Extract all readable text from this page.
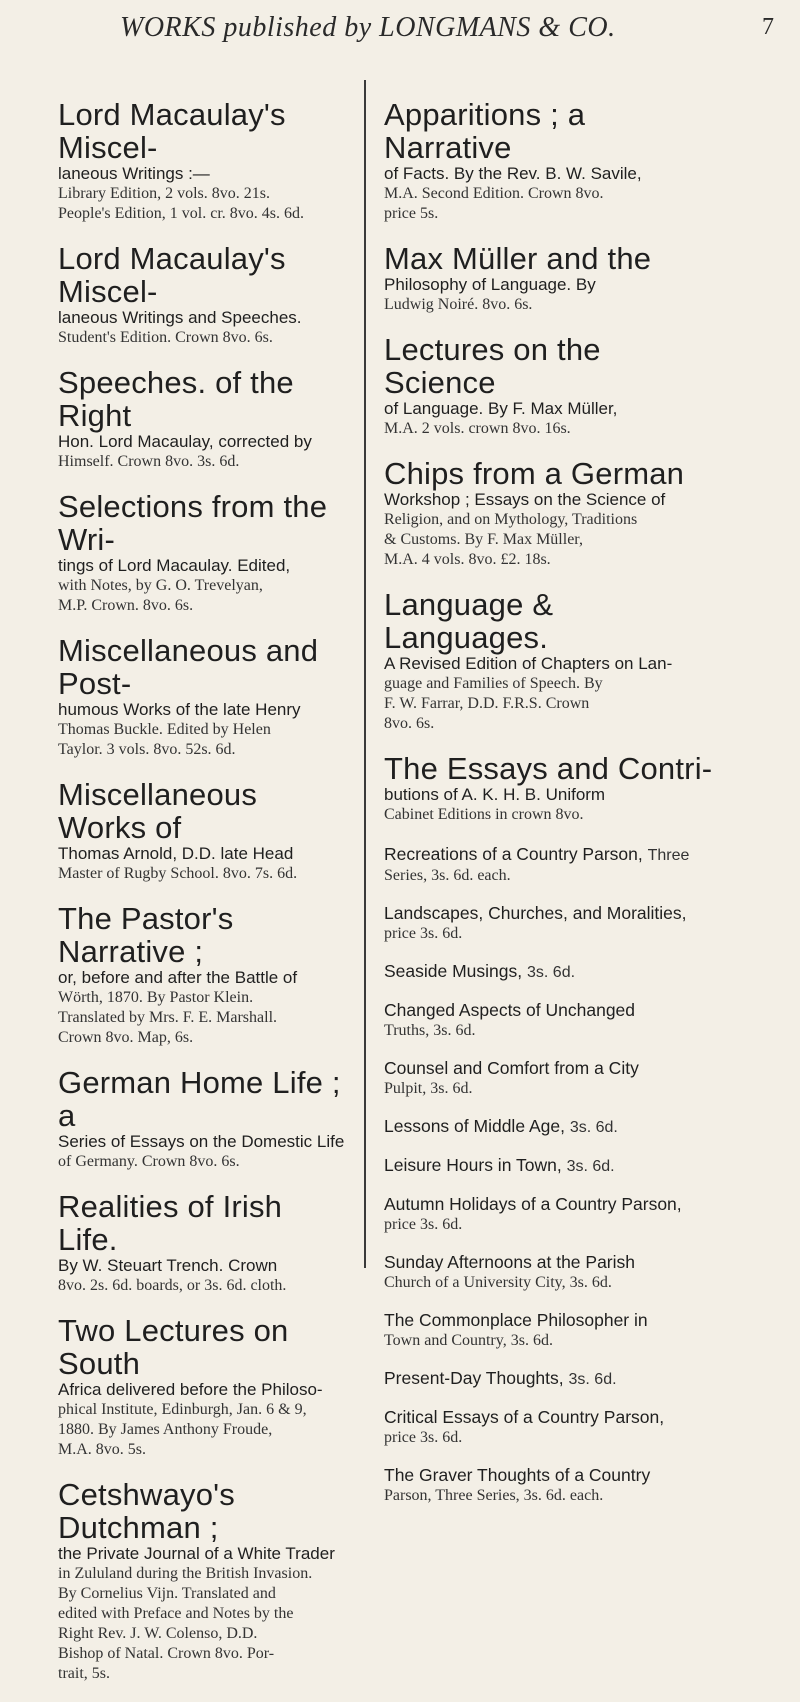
WORKS published by LONGMANS & CO.	7
Lord Macaulay's Miscel-
laneous Writings :—
Library Edition, 2 vols. 8vo. 21s.
People's Edition, 1 vol. cr. 8vo. 4s. 6d.
Lord Macaulay's Miscel-
laneous Writings and Speeches.
Student's Edition. Crown 8vo. 6s.
Speeches. of the Right
Hon. Lord Macaulay, corrected by
Himself. Crown 8vo. 3s. 6d.
Selections from the Wri-
tings of Lord Macaulay. Edited,
with Notes, by G. O. Trevelyan,
M.P. Crown. 8vo. 6s.
Miscellaneous and Post-
humous Works of the late Henry
Thomas Buckle. Edited by Helen
Taylor. 3 vols. 8vo. 52s. 6d.
Miscellaneous Works of
Thomas Arnold, D.D. late Head
Master of Rugby School. 8vo. 7s. 6d.
The Pastor's Narrative ;
or, before and after the Battle of
Wörth, 1870. By Pastor Klein.
Translated by Mrs. F. E. Marshall.
Crown 8vo. Map, 6s.
German Home Life ; a
Series of Essays on the Domestic Life
of Germany. Crown 8vo. 6s.
Realities of Irish Life.
By W. Steuart Trench. Crown
8vo. 2s. 6d. boards, or 3s. 6d. cloth.
Two Lectures on South
Africa delivered before the Philoso-
phical Institute, Edinburgh, Jan. 6 & 9,
1880. By James Anthony Froude,
M.A. 8vo. 5s.
Cetshwayo's Dutchman ;
the Private Journal of a White Trader
in Zululand during the British Invasion.
By Cornelius Vijn. Translated and
edited with Preface and Notes by the
Right Rev. J. W. Colenso, D.D.
Bishop of Natal. Crown 8vo. Por-
trait, 5s.
Apparitions ; a Narrative
of Facts. By the Rev. B. W. Savile,
M.A. Second Edition. Crown 8vo.
price 5s.
Max Müller and the
Philosophy of Language. By
Ludwig Noiré. 8vo. 6s.
Lectures on the Science
of Language. By F. Max Müller,
M.A. 2 vols. crown 8vo. 16s.
Chips from a German
Workshop ; Essays on the Science of
Religion, and on Mythology, Traditions
& Customs. By F. Max Müller,
M.A. 4 vols. 8vo. £2. 18s.
Language & Languages.
A Revised Edition of Chapters on Lan-
guage and Families of Speech. By
F. W. Farrar, D.D. F.R.S. Crown
8vo. 6s.
The Essays and Contri-
butions of A. K. H. B. Uniform
Cabinet Editions in crown 8vo.
Recreations of a Country Parson, Three
Series, 3s. 6d. each.
Landscapes, Churches, and Moralities,
price 3s. 6d.
Seaside Musings, 3s. 6d.
Changed Aspects of Unchanged
Truths, 3s. 6d.
Counsel and Comfort from a City
Pulpit, 3s. 6d.
Lessons of Middle Age, 3s. 6d.
Leisure Hours in Town, 3s. 6d.
Autumn Holidays of a Country Parson,
price 3s. 6d.
Sunday Afternoons at the Parish
Church of a University City, 3s. 6d.
The Commonplace Philosopher in
Town and Country, 3s. 6d.
Present-Day Thoughts, 3s. 6d.
Critical Essays of a Country Parson,
price 3s. 6d.
The Graver Thoughts of a Country
Parson, Three Series, 3s. 6d. each.
